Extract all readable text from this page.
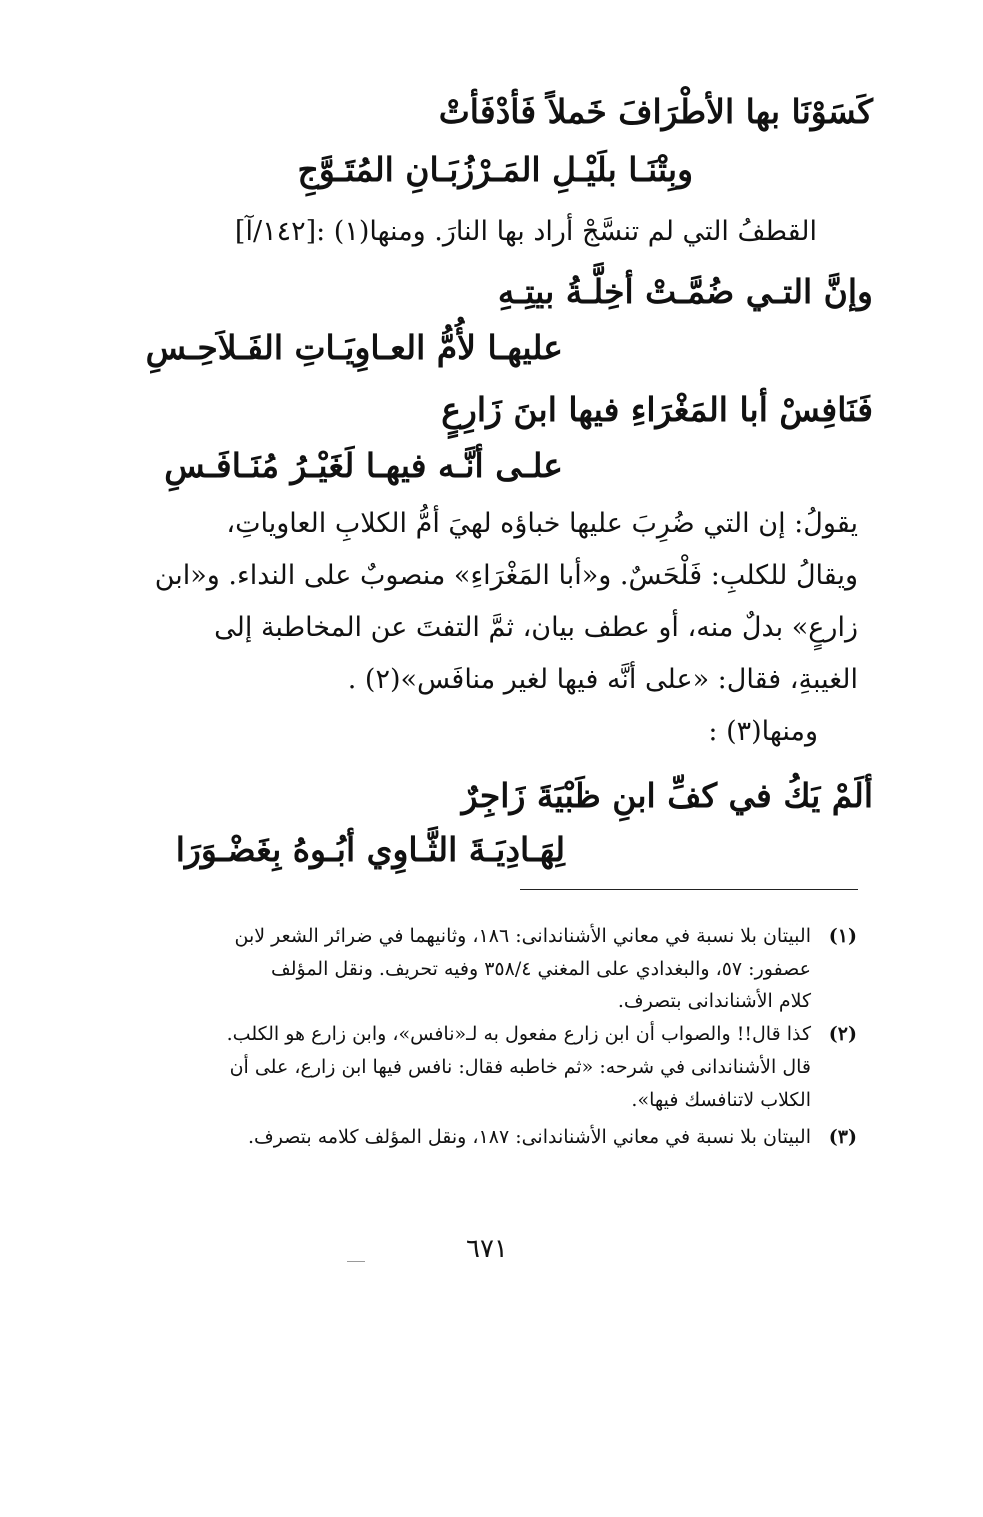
كَسَوْنَا بها الأطْرَافَ خَملاً فَأدْفَأتْ
وبِتْنَـا بلَيْـلِ المَـرْزُبَـانِ المُتَـوَّجِ
القطفُ التي لم تنسَّجْ أراد بها النارَ. ومنها(١) :[١٤٢/آ]
وإنَّ التـي ضُمَّـتْ أخِلَّـةُ بيتِـهِ
عليهـا لأُمُّ العـاوِيَـاتِ الفَـلاَحِـسِ
فَنَافِسْ أبا المَغْرَاءِ فيها ابنَ زَارِعٍ
علـى أنَّـه فيهـا لَغَيْـرُ مُنَـافَـسِ
يقولُ: إن التي ضُرِبَ عليها خباؤه لهيَ أمُّ الكلابِ العاوياتِ،
ويقالُ للكلبِ: فَلْحَسٌ. و«أبا المَغْرَاءِ» منصوبٌ على النداء. و«ابن
زارعٍ» بدلٌ منه، أو عطف بيان، ثمَّ التفتَ عن المخاطبة إلى
الغيبةِ، فقال: «على أنَّه فيها لغير منافَس»(٢) .
ومنها(٣) :
ألَمْ يَكُ في كفِّ ابنِ ظَبْيَةَ زَاجِرٌ
لِهَـادِيَـةَ الثَّـاوِي أبُـوهُ بِغَضْـوَرَا
(١)
البيتان بلا نسبة في معاني الأشناندانى: ١٨٦، وثانيهما في ضرائر الشعر لابن
عصفور: ٥٧، والبغدادي على المغني ٣٥٨/٤ وفيه تحريف. ونقل المؤلف
كلام الأشناندانى بتصرف.
(٢)
كذا قال!! والصواب أن ابن زارع مفعول به لـ«نافس»، وابن زارع هو الكلب.
قال الأشناندانى في شرحه: «ثم خاطبه فقال: نافس فيها ابن زارع، على أن
الكلاب لاتنافسك فيها».
(٣)
البيتان بلا نسبة في معاني الأشناندانى: ١٨٧، ونقل المؤلف كلامه بتصرف.
٦٧١
